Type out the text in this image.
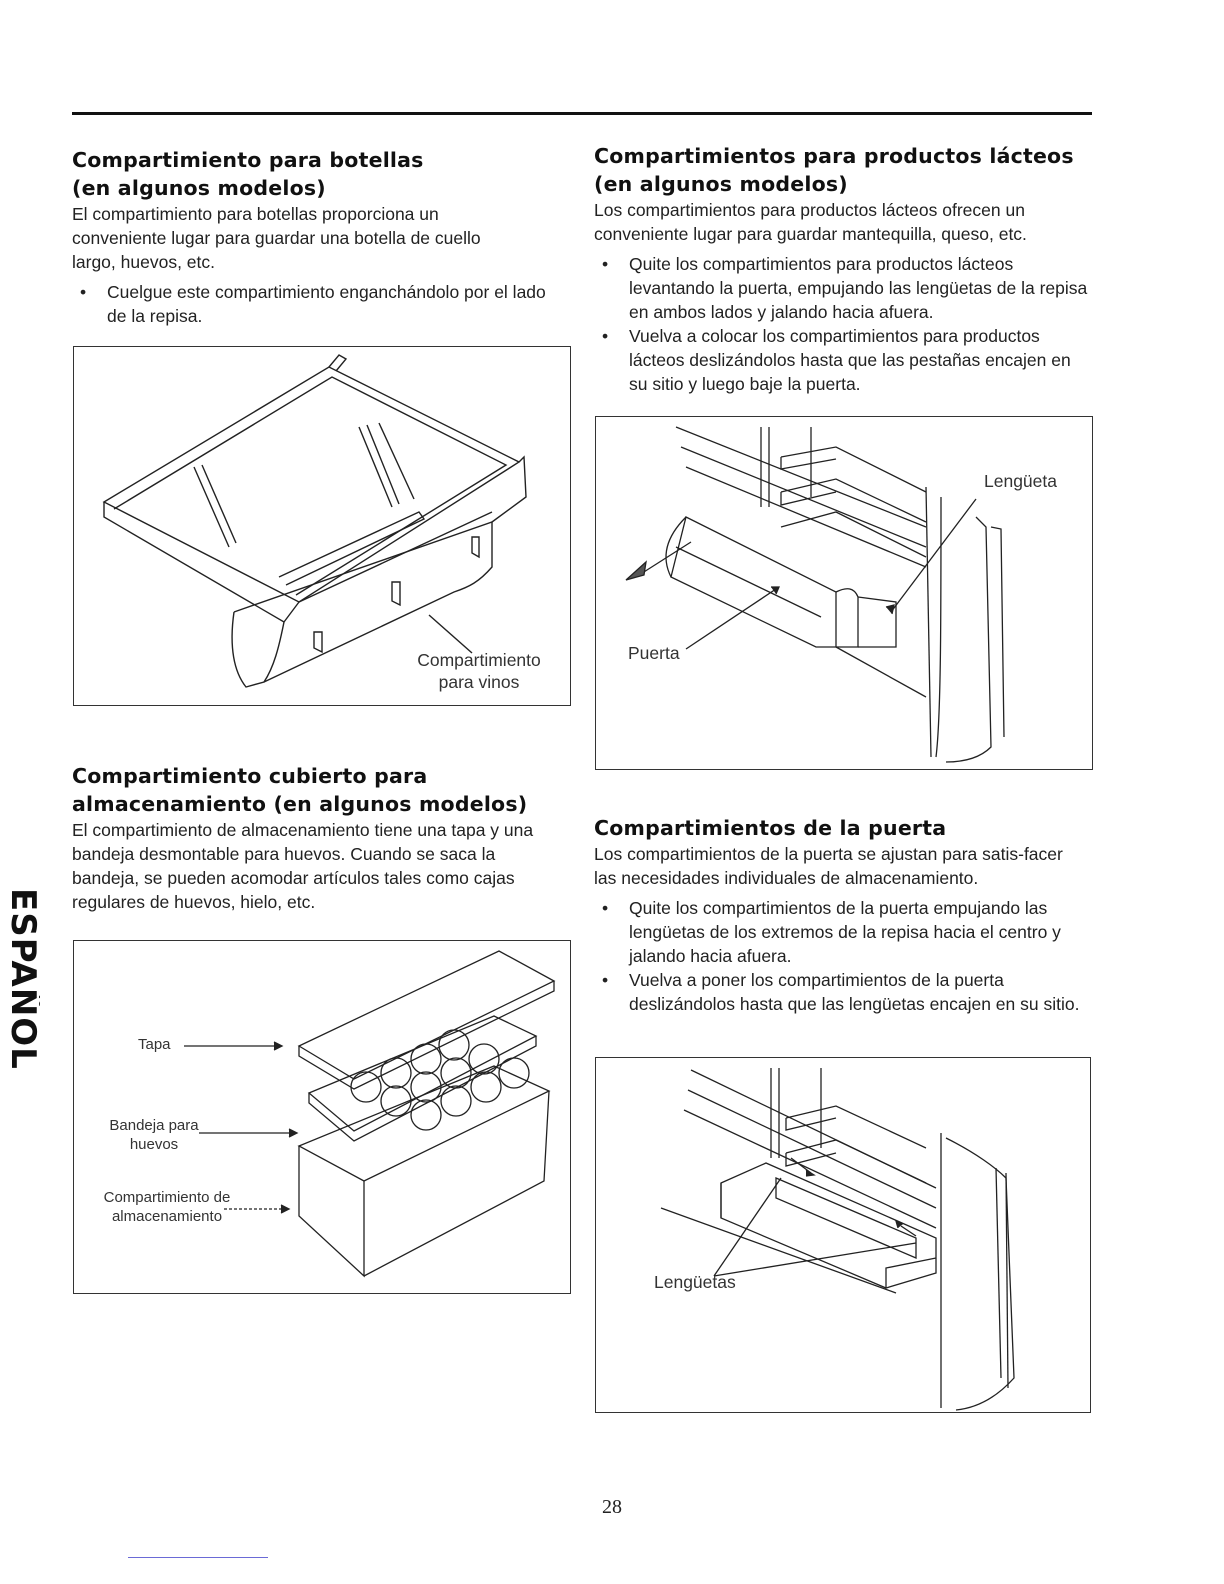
Compartimiento para botellas
(en algunos modelos)

El compartimiento para botellas proporciona un conveniente lugar para guardar una botella de cuello largo, huevos, etc.

• Cuelgue este compartimiento enganchándolo por el lado de la repisa.
Compartimiento
para vinos
Compartimiento cubierto para
almacenamiento (en algunos modelos)

El compartimiento de almacenamiento tiene una tapa y una bandeja desmontable para huevos. Cuando se saca la bandeja, se pueden acomodar artículos tales como cajas regulares de huevos, hielo, etc.

Tapa
Bandeja para
huevos
Compartimiento de
almacenamiento
Compartimientos para productos lácteos
(en algunos modelos)

Los compartimientos para productos lácteos ofrecen un conveniente lugar para guardar mantequilla, queso, etc.

• Quite los compartimientos para productos lácteos levantando la puerta, empujando las lengüetas de la repisa en ambos lados y jalando hacia afuera.
• Vuelva a colocar los compartimientos para productos lácteos deslizándolos hasta que las pestañas encajen en su sitio y luego baje la puerta.
Lengüeta
Puerta
Compartimientos de la puerta

Los compartimientos de la puerta se ajustan para satis-facer las necesidades individuales de almacenamiento.

• Quite los compartimientos de la puerta empujando las lengüetas de los extremos de la repisa hacia el centro y jalando hacia afuera.
• Vuelva a poner los compartimientos de la puerta deslizándolos hasta que las lengüetas encajen en su sitio.
Lengüetas
ESPAÑOL
28
